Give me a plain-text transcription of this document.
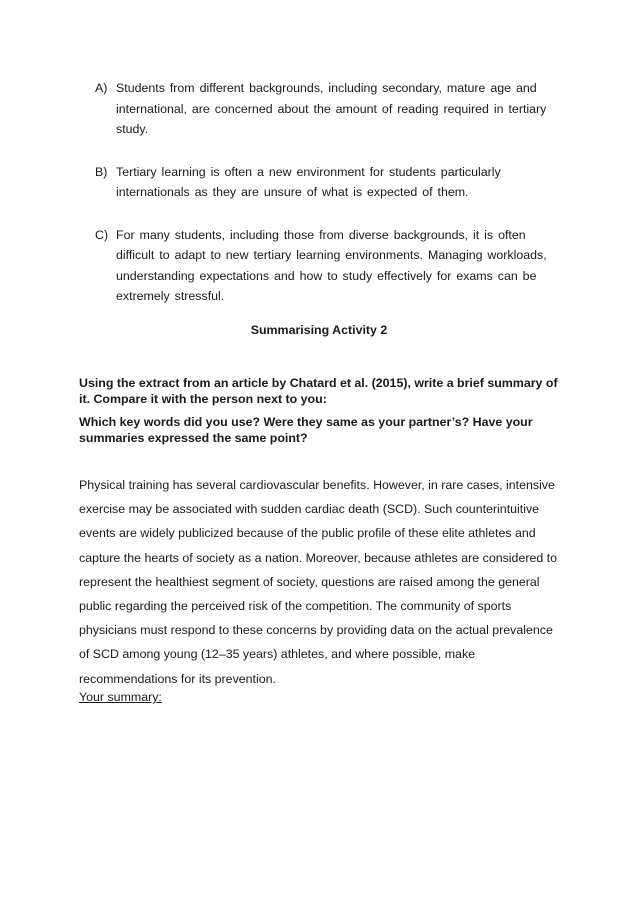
A) Students from different backgrounds, including secondary, mature age and international, are concerned about the amount of reading required in tertiary study.
B) Tertiary learning is often a new environment for students particularly internationals as they are unsure of what is expected of them.
C) For many students, including those from diverse backgrounds, it is often difficult to adapt to new tertiary learning environments. Managing workloads, understanding expectations and how to study effectively for exams can be extremely stressful.
Summarising Activity 2
Using the extract from an article by Chatard et al. (2015), write a brief summary of it. Compare it with the person next to you:
Which key words did you use? Were they same as your partner’s? Have your summaries expressed the same point?

Physical training has several cardiovascular benefits. However, in rare cases, intensive exercise may be associated with sudden cardiac death (SCD). Such counterintuitive events are widely publicized because of the public profile of these elite athletes and capture the hearts of society as a nation. Moreover, because athletes are considered to represent the healthiest segment of society, questions are raised among the general public regarding the perceived risk of the competition. The community of sports physicians must respond to these concerns by providing data on the actual prevalence of SCD among young (12–35 years) athletes, and where possible, make recommendations for its prevention.

Your summary:
